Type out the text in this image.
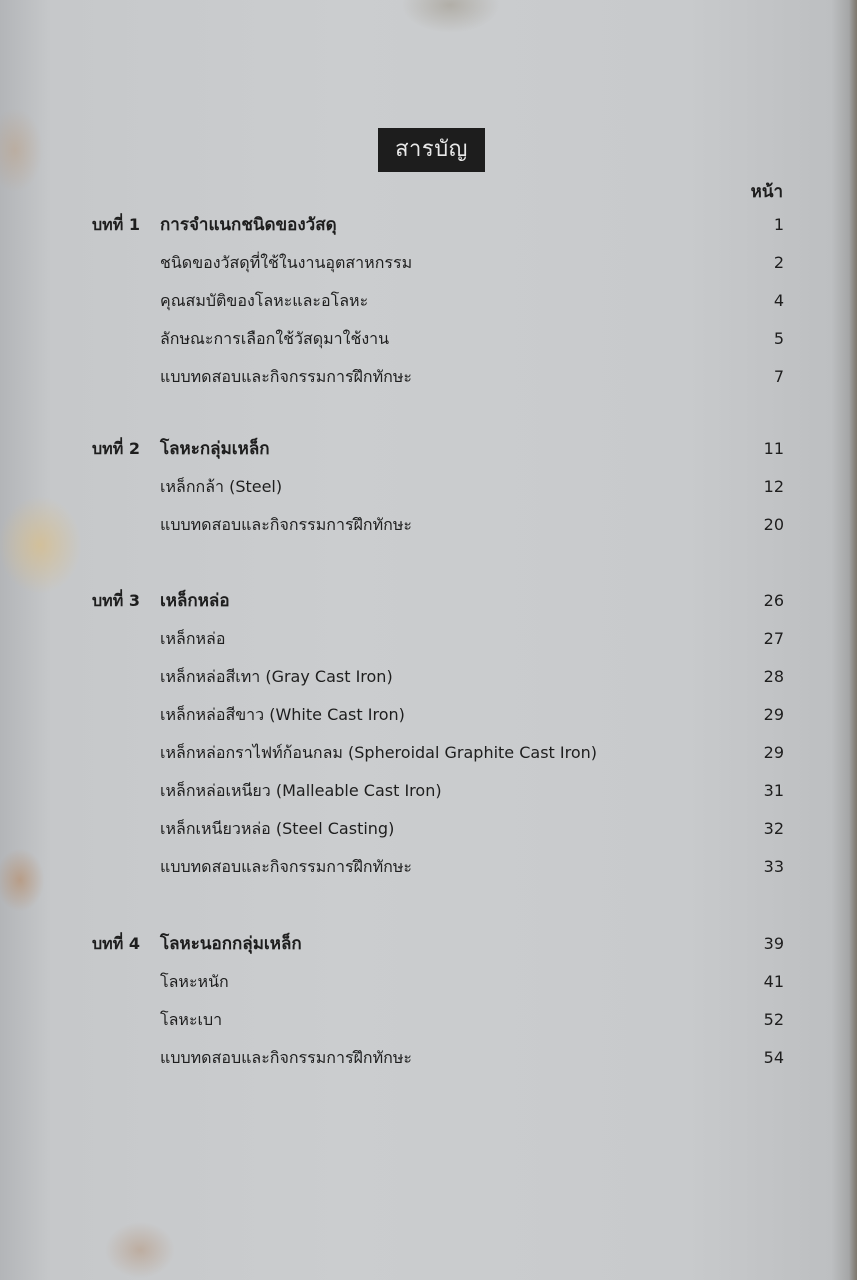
สารบัญ
หน้า
บทที่ 1 การจำแนกชนิดของวัสดุ	1
ชนิดของวัสดุที่ใช้ในงานอุตสาหกรรม	2
คุณสมบัติของโลหะและอโลหะ	4
ลักษณะการเลือกใช้วัสดุมาใช้งาน	5
แบบทดสอบและกิจกรรมการฝึกทักษะ	7
บทที่ 2 โลหะกลุ่มเหล็ก	11
เหล็กกล้า (Steel)	12
แบบทดสอบและกิจกรรมการฝึกทักษะ	20
บทที่ 3 เหล็กหล่อ	26
เหล็กหล่อ	27
เหล็กหล่อสีเทา (Gray Cast Iron)	28
เหล็กหล่อสีขาว (White Cast Iron)	29
เหล็กหล่อกราไฟท์ก้อนกลม (Spheroidal Graphite Cast Iron)	29
เหล็กหล่อเหนียว (Malleable Cast Iron)	31
เหล็กเหนียวหล่อ (Steel Casting)	32
แบบทดสอบและกิจกรรมการฝึกทักษะ	33
บทที่ 4 โลหะนอกกลุ่มเหล็ก	39
โลหะหนัก	41
โลหะเบา	52
แบบทดสอบและกิจกรรมการฝึกทักษะ	54
